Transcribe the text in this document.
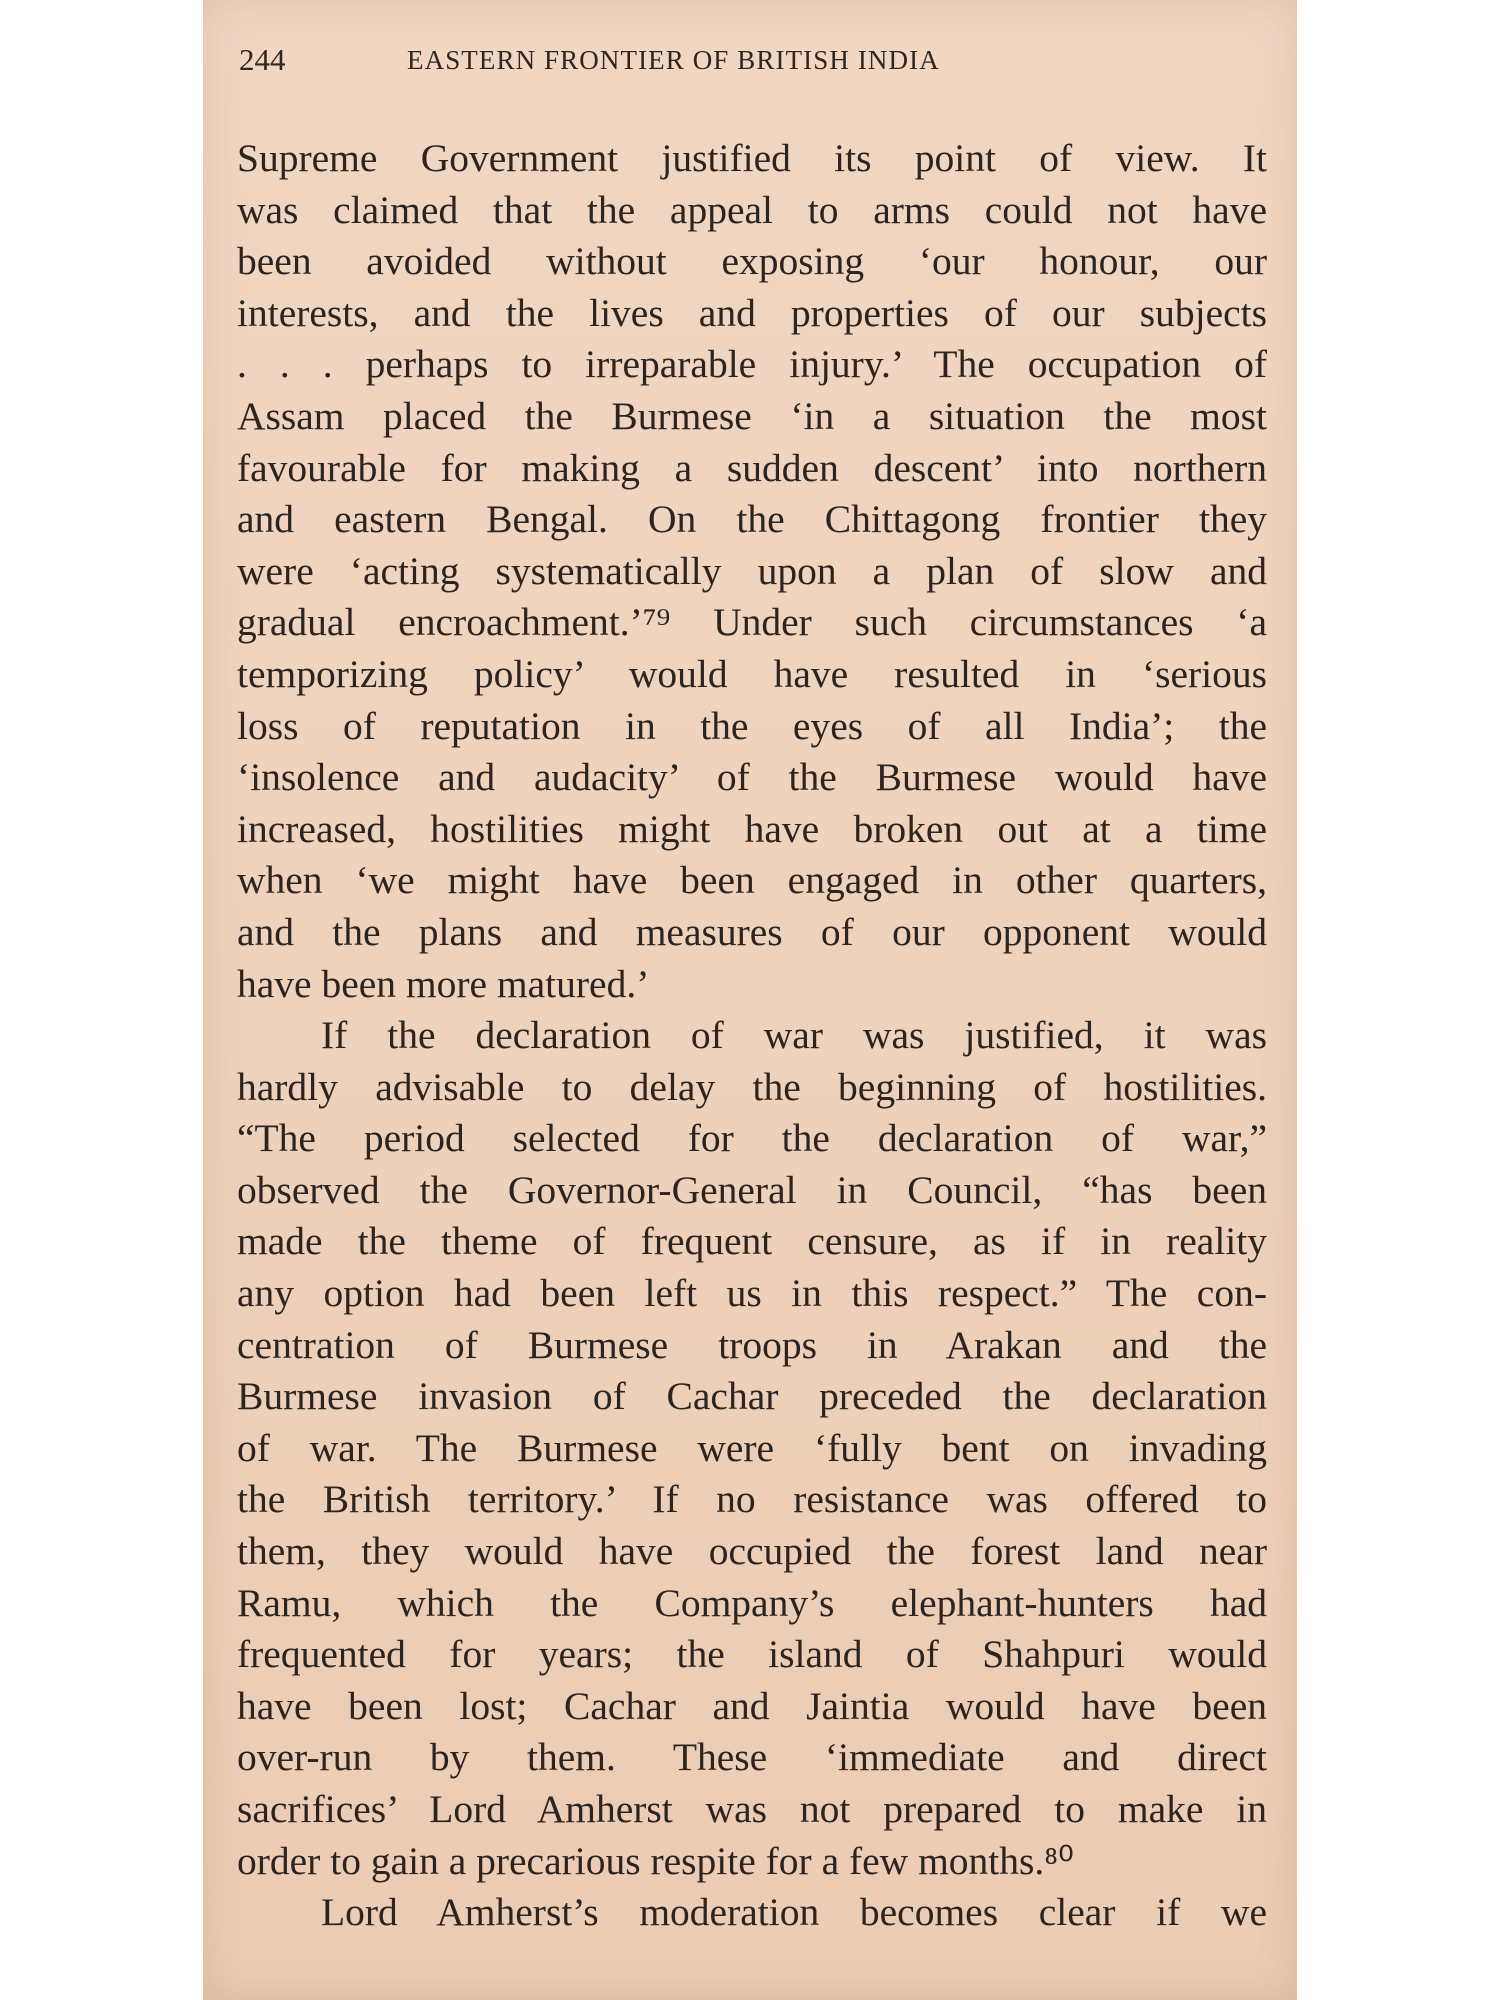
244	EASTERN FRONTIER OF BRITISH INDIA
Supreme Government justified its point of view. It
was claimed that the appeal to arms could not have
been avoided without exposing ‘our honour, our
interests, and the lives and properties of our subjects
. . . perhaps to irreparable injury.’ The occupation of
Assam placed the Burmese ‘in a situation the most
favourable for making a sudden descent’ into northern
and eastern Bengal. On the Chittagong frontier they
were ‘acting systematically upon a plan of slow and
gradual encroachment.’⁷⁹ Under such circumstances ‘a
temporizing policy’ would have resulted in ‘serious
loss of reputation in the eyes of all India’; the
‘insolence and audacity’ of the Burmese would have
increased, hostilities might have broken out at a time
when ‘we might have been engaged in other quarters,
and the plans and measures of our opponent would
have been more matured.’
If the declaration of war was justified, it was
hardly advisable to delay the beginning of hostilities.
“The period selected for the declaration of war,”
observed the Governor-General in Council, “has been
made the theme of frequent censure, as if in reality
any option had been left us in this respect.” The con-
centration of Burmese troops in Arakan and the
Burmese invasion of Cachar preceded the declaration
of war. The Burmese were ‘fully bent on invading
the British territory.’ If no resistance was offered to
them, they would have occupied the forest land near
Ramu, which the Company’s elephant-hunters had
frequented for years; the island of Shahpuri would
have been lost; Cachar and Jaintia would have been
over-run by them. These ‘immediate and direct
sacrifices’ Lord Amherst was not prepared to make in
order to gain a precarious respite for a few months.⁸⁰
Lord Amherst’s moderation becomes clear if we
